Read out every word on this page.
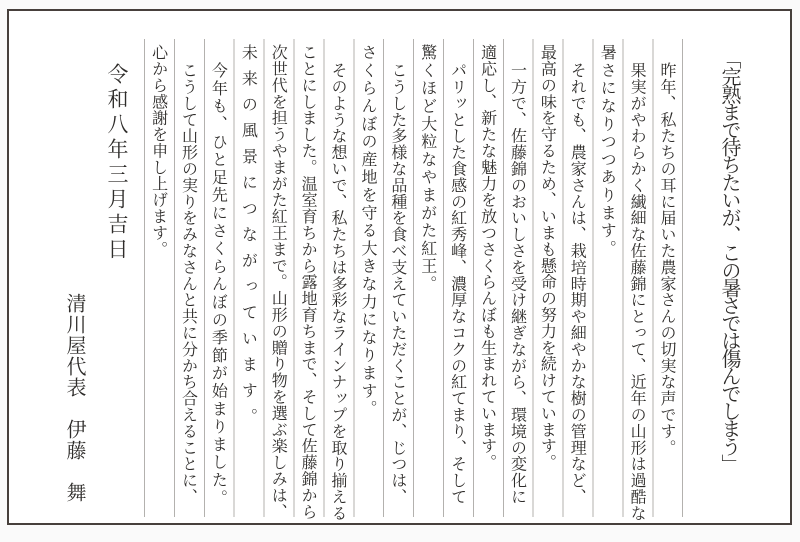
「完熟まで待ちたいが、この暑さでは傷んでしまう」
昨年、私たちの耳に届いた農家さんの切実な声です。
果実がやわらかく繊細な佐藤錦にとって、近年の山形は過酷な
暑さになりつつあります。
それでも、農家さんは、栽培時期や細やかな樹の管理など、
最高の味を守るため、いまも懸命の努力を続けています。
一方で、佐藤錦のおいしさを受け継ぎながら、環境の変化に
適応し、新たな魅力を放つさくらんぼも生まれています。
パリッとした食感の紅秀峰、濃厚なコクの紅てまり、そして
驚くほど大粒なやまがた紅王。
こうした多様な品種を食べ支えていただくことが、じつは、
さくらんぼの産地を守る大きな力になります。
そのような想いで、私たちは多彩なラインナップを取り揃える
ことにしました。温室育ちから露地育ちまで、そして佐藤錦から
次世代を担うやまがた紅王まで。山形の贈り物を選ぶ楽しみは、
未来の風景につながっています。
今年も、ひと足先にさくらんぼの季節が始まりました。
こうして山形の実りをみなさんと共に分かち合えることに、
心から感謝を申し上げます。
令和八年三月吉日
清川屋代表　伊藤　舞
